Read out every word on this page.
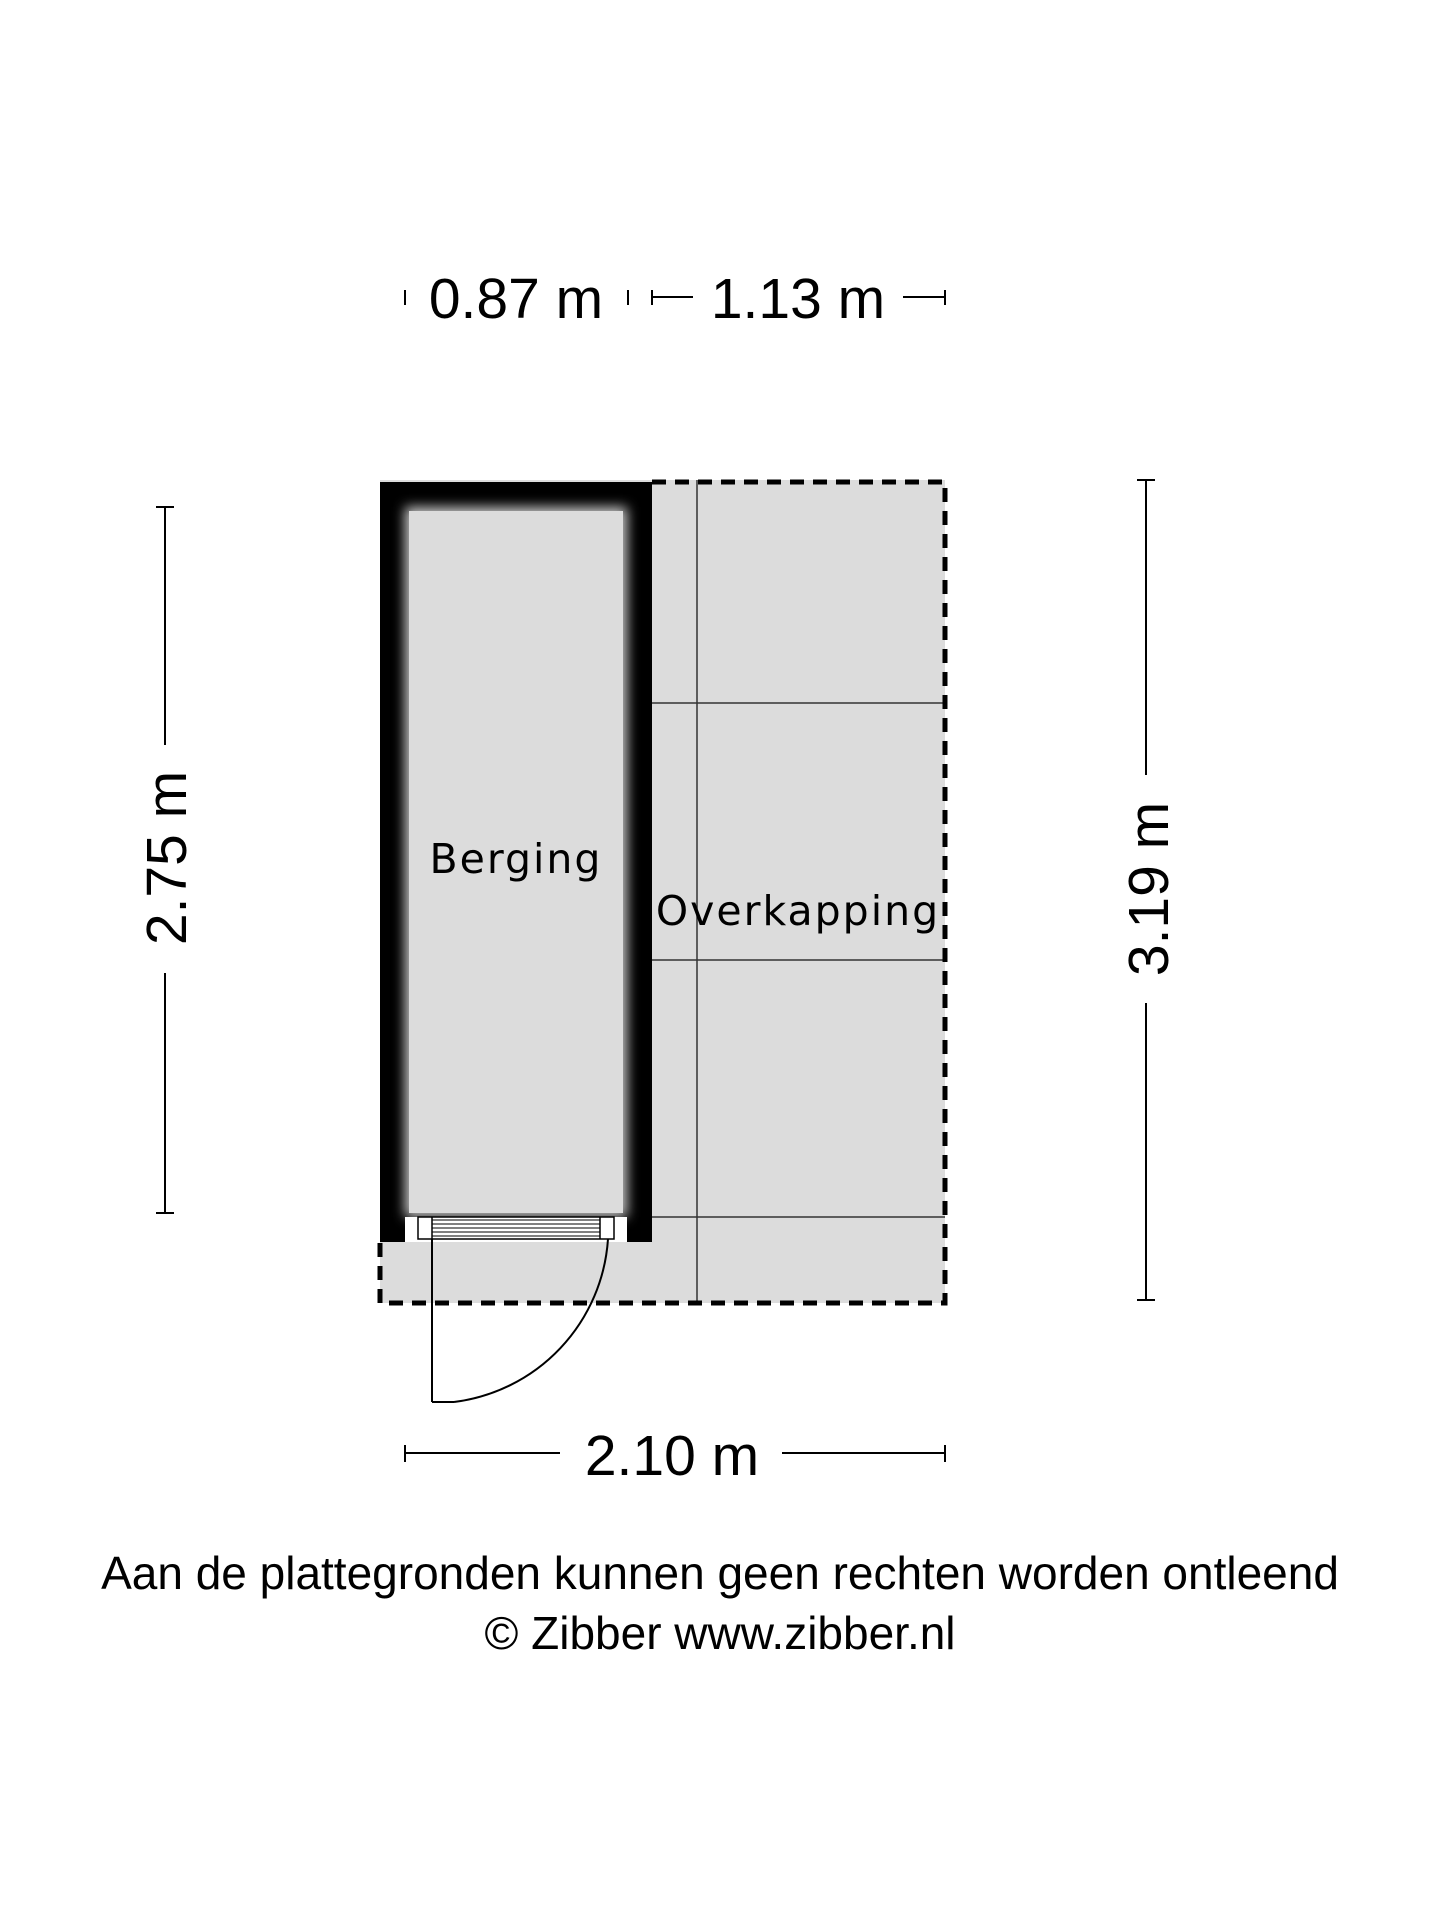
0.87 m 1.13 m
2.10 m
2.75 m	3.19 m
Berging
Overkapping
Aan de plattegronden kunnen geen rechten worden ontleend
© Zibber www.zibber.nl
